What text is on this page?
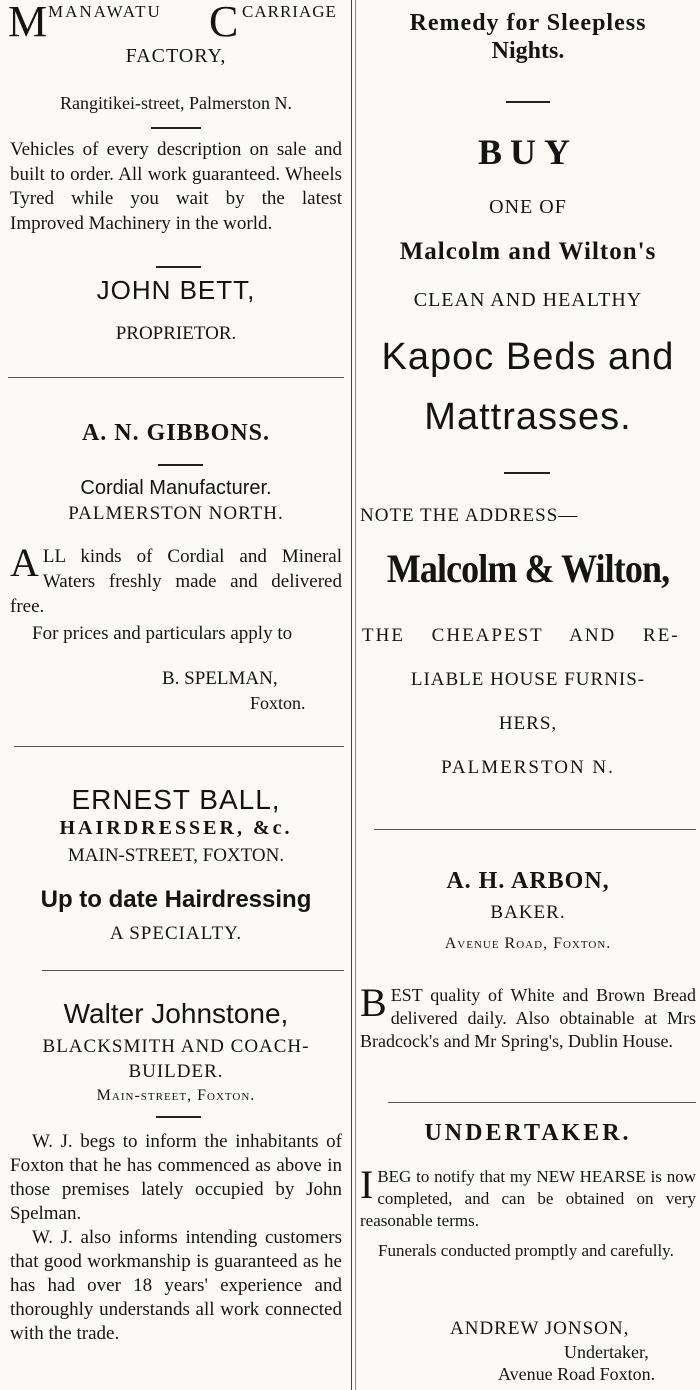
M MANAWATU C CARRIAGE
FACTORY,
Rangitikei-street, Palmerston N.
Vehicles of every description on sale and built to order. All work guaranteed. Wheels Tyred while you wait by the latest Improved Machinery in the world.
JOHN BETT,
PROPRIETOR.
A. N. GIBBONS.
Cordial Manufacturer.
PALMERSTON NORTH.
ALL kinds of Cordial and Mineral Waters freshly made and delivered free.
For prices and particulars apply to
B. SPELMAN,
Foxton.
ERNEST BALL,
HAIRDRESSER, &c.
MAIN-STREET, FOXTON.
Up to date Hairdressing
A SPECIALTY.
Walter Johnstone,
BLACKSMITH AND COACH-
BUILDER.
Main-street, Foxton.
W. J. begs to inform the inhabitants of Foxton that he has commenced as above in those premises lately occupied by John Spelman.
W. J. also informs intending customers that good workmanship is guaranteed as he has had over 18 years' experience and thoroughly understands all work connected with the trade.
Remedy for Sleepless
Nights.
BUY
ONE OF
Malcolm and Wilton's
CLEAN AND HEALTHY
Kapoc Beds and
Mattrasses.
NOTE THE ADDRESS—
Malcolm & Wilton,
THE CHEAPEST AND RE-
LIABLE HOUSE FURNIS-
HERS,
PALMERSTON N.
A. H. ARBON,
BAKER.
Avenue Road, Foxton.
BEST quality of White and Brown Bread delivered daily. Also obtainable at Mrs Bradcock's and Mr Spring's, Dublin House.
UNDERTAKER.
IBEG to notify that my NEW HEARSE is now completed, and can be obtained on very reasonable terms.
Funerals conducted promptly and carefully.
ANDREW JONSON,
Undertaker,
Avenue Road Foxton.
